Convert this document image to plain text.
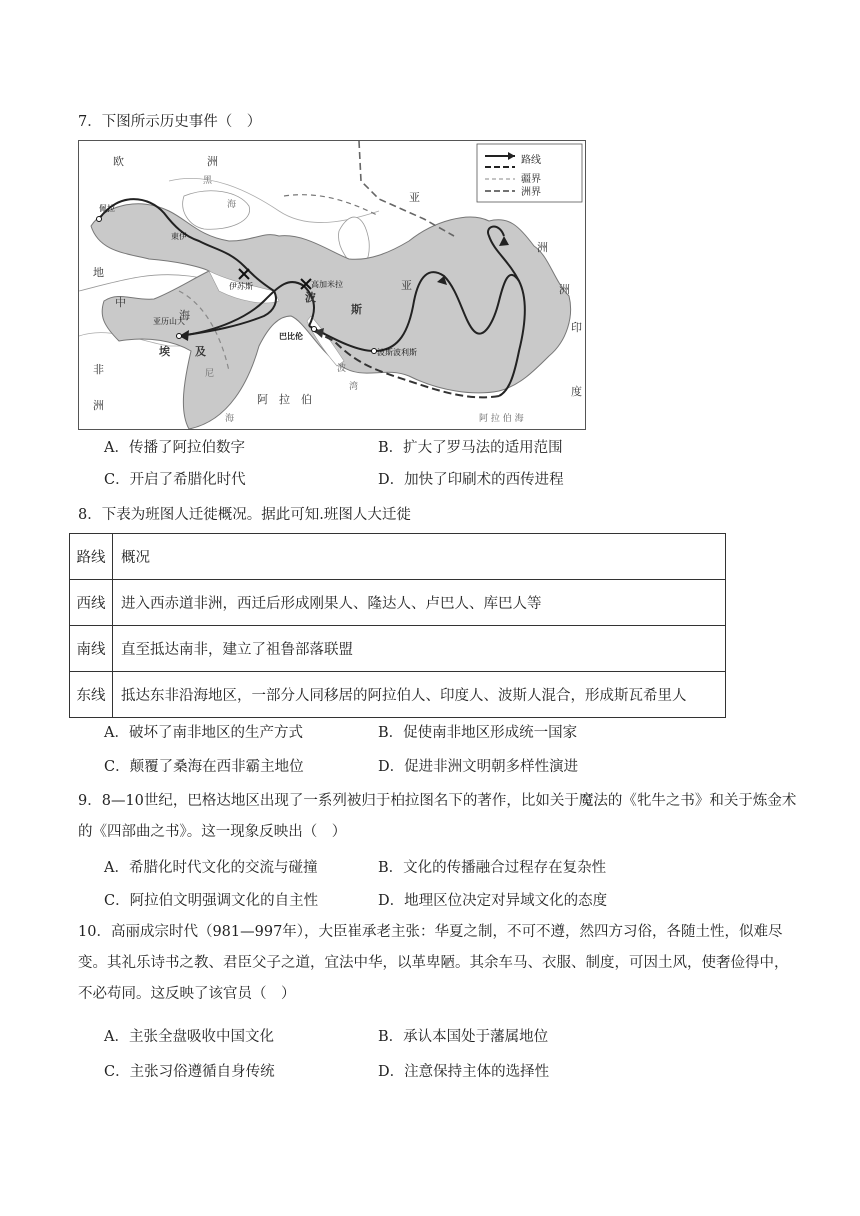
7．下图所示历史事件（　）
路线
疆界
洲界
欧	洲
黑
海
亚
洲
地
中
海
非
洲
埃 及
波
斯
亚
阿　拉　伯
印
度
洲
阿 拉 伯 海
海
湾
波
尼
佩拉
東伊
伊苏斯	高加米拉
亚历山大
巴比伦
波斯波利斯
A．传播了阿拉伯数字	B．扩大了罗马法的适用范围
C．开启了希腊化时代	D．加快了印刷术的西传进程
8．下表为班图人迁徙概况。据此可知.班图人大迁徙
路线	概况
西线	进入西赤道非洲，西迁后形成刚果人、隆达人、卢巴人、库巴人等
南线	直至抵达南非，建立了祖鲁部落联盟
东线	抵达东非沿海地区，一部分人同移居的阿拉伯人、印度人、波斯人混合，形成斯瓦希里人
A．破坏了南非地区的生产方式	B．促使南非地区形成统一国家
C．颠覆了桑海在西非霸主地位	D．促进非洲文明朝多样性演进
9．8—10世纪，巴格达地区出现了一系列被归于柏拉图名下的著作，比如关于魔法的《牝牛之书》和关于炼金术的《四部曲之书》。这一现象反映出（　）
A．希腊化时代文化的交流与碰撞	B．文化的传播融合过程存在复杂性
C．阿拉伯文明强调文化的自主性	D．地理区位决定对异域文化的态度
10．高丽成宗时代（981—997年），大臣崔承老主张：华夏之制，不可不遵，然四方习俗，各随土性，似难尽变。其礼乐诗书之教、君臣父子之道，宜法中华，以革卑陋。其余车马、衣服、制度，可因土风，使奢俭得中，不必苟同。这反映了该官员（　）
A．主张全盘吸收中国文化	B．承认本国处于藩属地位
C．主张习俗遵循自身传统	D．注意保持主体的选择性
